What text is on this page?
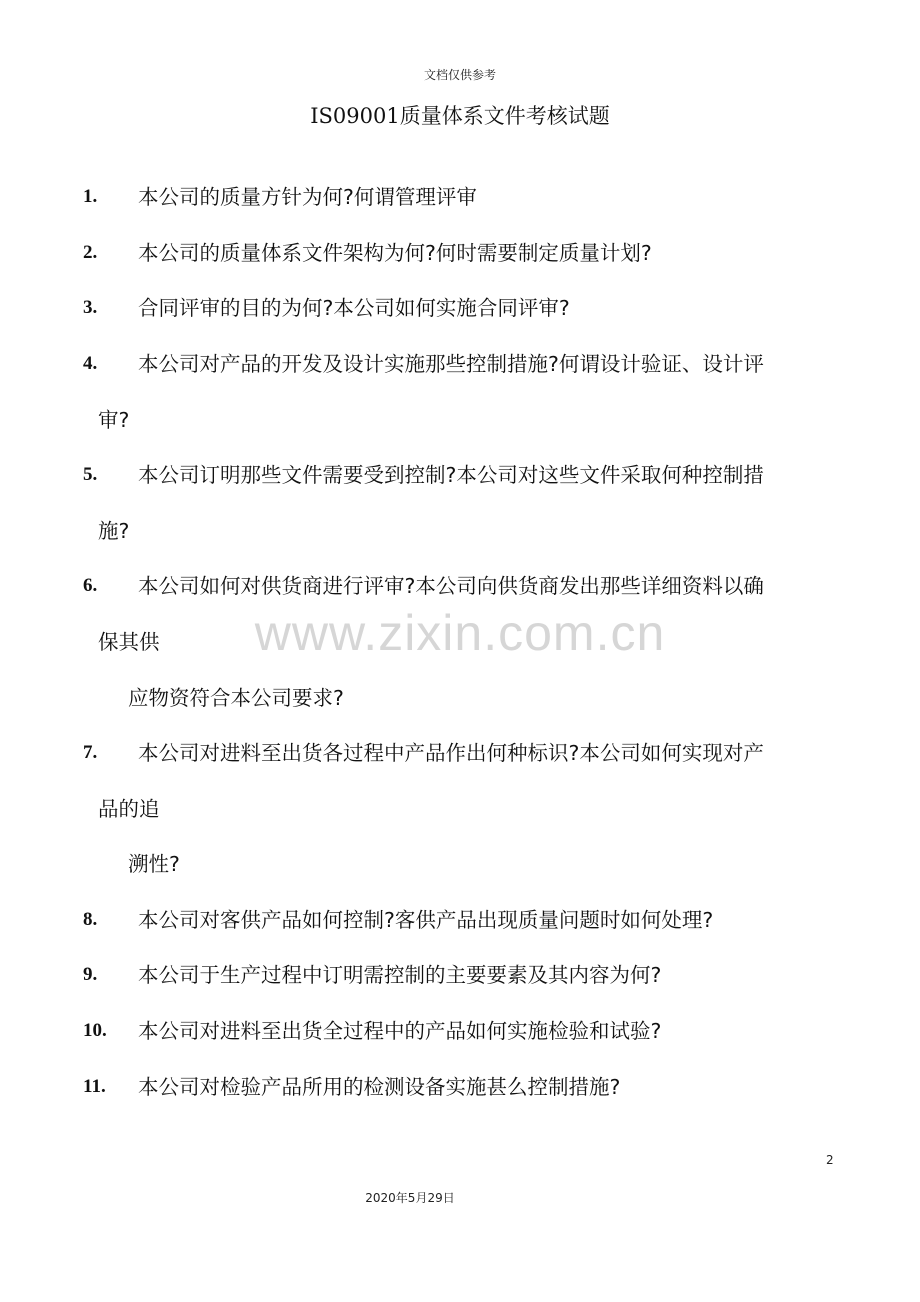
文档仅供参考
IS09001质量体系文件考核试题
1.	本公司的质量方针为何?何谓管理评审
2.	本公司的质量体系文件架构为何?何时需要制定质量计划?
3.	合同评审的目的为何?本公司如何实施合同评审?
4.	本公司对产品的开发及设计实施那些控制措施?何谓设计验证、设计评
审?
5.	本公司订明那些文件需要受到控制?本公司对这些文件采取何种控制措
施?
6.	本公司如何对供货商进行评审?本公司向供货商发出那些详细资料以确
保其供
应物资符合本公司要求?
7.	本公司对进料至出货各过程中产品作出何种标识?本公司如何实现对产
品的追
溯性?
8.	本公司对客供产品如何控制?客供产品出现质量问题时如何处理?
9.	本公司于生产过程中订明需控制的主要要素及其内容为何?
10.	本公司对进料至出货全过程中的产品如何实施检验和试验?
11.	本公司对检验产品所用的检测设备实施甚么控制措施?
www.zixin.com.cn
2
2020年5月29日
